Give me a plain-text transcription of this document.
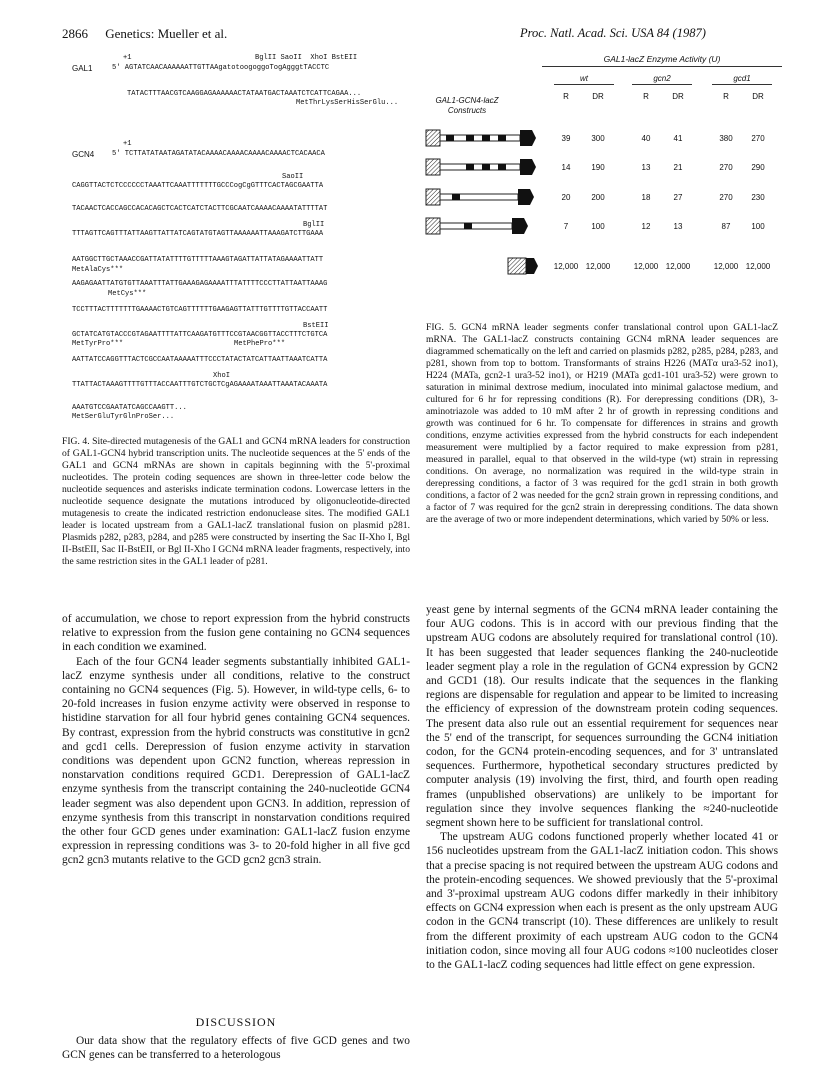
2866 Genetics: Mueller et al.	Proc. Natl. Acad. Sci. USA 84 (1987)
+1	BglII SaoII  XhoI BstEII
GAL1	5' AGTATCAACAAAAAATTGTTAAgatotoogoggoTogAgggtTACCTC
TATACTTTAACGTCAAGGAGAAAAAACTATAATGACTAAATCTCATTCAGAA...
MetThrLysSerHisSerGlu...
+1
GCN4	5' TCTTATATAATAGATATACAAAACAAAACAAAACAAAACTCACAACA
SaoII
CAGGTTACTCTCCCCCCTAAATTCAAATTTTTTTGCCCogCgGTTTCACTAGCGAATTA
TACAACTCACCAGCCACACAGCTCACTCATCTACTTCGCAATCAAAACAAAATATTTTAT
BglII
TTTAGTTCAGTTTATTAAGTTATTATCAGTATGTAGTTAAAAAATTAAAGATCTTGAAA
AATGGCTTGCTAAACCGATTATATTTTGTTTTTAAAGTAGATTATTATAGAAAATTATT
MetAlaCys***
AAGAGAATTATGTGTTAAATTTATTGAAAGAGAAAATTTATTTTCCCTTATTAATTAAAG
MetCys***
TCCTTTACTTTTTTTGAAAACTGTCAGTTTTTTGAAGAGTTATTTGTTTTGTTACCAATT
BstEII
GCTATCATGTACCCGTAGAATTTTATTCAAGATGTTTCCGTAACGGTTACCTTTCTGTCA
MetTyrPro***	MetPhePro***
AATTATCCAGGTTTACTCGCCAATAAAAATTTCCCTATACTATCATTAATTAAATCATTA
XhoI
TTATTACTAAAGTTTTGTTTACCAATTTGTCTGCTCgAGAAAATAAATTAAATACAAATA
AAATGTCCGAATATCAGCCAAGTT...
MetSerGluTyrGlnProSer...
FIG. 4. Site-directed mutagenesis of the GAL1 and GCN4 mRNA leaders for construction of GAL1-GCN4 hybrid transcription units. The nucleotide sequences at the 5' ends of the GAL1 and GCN4 mRNAs are shown in capitals beginning with the 5'-proximal nucleotides. The protein coding sequences are shown in three-letter code below the nucleotide sequences and asterisks indicate termination codons. Lowercase letters in the nucleotide sequence designate the mutations introduced by oligonucleotide-directed mutagenesis to create the indicated restriction endonuclease sites. The modified GAL1 leader is located upstream from a GAL1-lacZ translational fusion on plasmid p281. Plasmids p282, p283, p284, and p285 were constructed by inserting the Sac II-Xho I, Bgl II-BstEII, Sac II-BstEII, or Bgl II-Xho I GCN4 mRNA leader fragments, respectively, into the same restriction sites in the GAL1 leader of p281.

of accumulation, we chose to report expression from the hybrid constructs relative to expression from the fusion gene containing no GCN4 sequences in each condition we examined.

Each of the four GCN4 leader segments substantially inhibited GAL1-lacZ enzyme synthesis under all conditions, relative to the construct containing no GCN4 sequences (Fig. 5). However, in wild-type cells, 6- to 20-fold increases in fusion enzyme activity were observed in response to histidine starvation for all four hybrid genes containing GCN4 sequences. By contrast, expression from the hybrid constructs was constitutive in gcn2 and gcd1 cells. Derepression of fusion enzyme activity in starvation conditions was dependent upon GCN2 function, whereas repression in nonstarvation conditions required GCD1. Derepression of GAL1-lacZ enzyme synthesis from the transcript containing the 240-nucleotide GCN4 leader segment was also dependent upon GCN3. In addition, repression of enzyme synthesis from this transcript in nonstarvation conditions required the other four GCD genes under examination: GAL1-lacZ fusion enzyme expression in repressing conditions was 3- to 20-fold higher in all five gcd gcn2 gcn3 mutants relative to the GCD gcn2 gcn3 strain.

DISCUSSION

Our data show that the regulatory effects of five GCD genes and two GCN genes can be transferred to a heterologous

GAL1-lacZ Enzyme Activity (U)
GAL1-GCN4-lacZ
Constructs
wt	gcn2	gcd1
R	DR	R	DR	R	DR
39	300	40	41	380	270
14	190	13	21	270	290
20	200	18	27	270	230
7	100	12	13	87	100
12,000 12,000	12,000 12,000	12,000 12,000
FIG. 5. GCN4 mRNA leader segments confer translational control upon GAL1-lacZ mRNA. The GAL1-lacZ constructs containing GCN4 mRNA leader sequences are diagrammed schematically on the left and carried on plasmids p282, p285, p284, p283, and p281, shown from top to bottom. Transformants of strains H226 (MATα ura3-52 ino1), H224 (MATa, gcn2-1 ura3-52 ino1), or H219 (MATa gcd1-101 ura3-52) were grown to saturation in minimal dextrose medium, inoculated into minimal galactose medium, and cultured for 6 hr for repressing conditions (R). For derepressing conditions (DR), 3-aminotriazole was added to 10 mM after 2 hr of growth in repressing conditions and growth was continued for 6 hr. To compensate for differences in strains and growth conditions, enzyme activities expressed from the hybrid constructs for each independent measurement were multiplied by a factor required to make expression from p281, measured in parallel, equal to that observed in the wild-type (wt) strain in repressing conditions. On average, no normalization was required in the wild-type strain in derepressing conditions, a factor of 3 was required for the gcd1 strain in both growth conditions, a factor of 2 was needed for the gcn2 strain grown in repressing conditions, and a factor of 7 was required for the gcn2 strain in derepressing conditions. The data shown are the average of two or more independent determinations, which varied by 50% or less.

yeast gene by internal segments of the GCN4 mRNA leader containing the four AUG codons. This is in accord with our previous finding that the upstream AUG codons are absolutely required for translational control (10). It has been suggested that leader sequences flanking the 240-nucleotide leader segment play a role in the regulation of GCN4 expression by GCN2 and GCD1 (18). Our results indicate that the sequences in the flanking regions are dispensable for regulation and appear to be limited to increasing the efficiency of expression of the downstream protein coding sequences. The present data also rule out an essential requirement for sequences near the 5' end of the transcript, for sequences surrounding the GCN4 initiation codon, for the GCN4 protein-encoding sequences, and for 3' untranslated sequences. Furthermore, hypothetical secondary structures predicted by computer analysis (19) involving the first, third, and fourth open reading frames (unpublished observations) are unlikely to be important for regulation since they involve sequences flanking the ≈240-nucleotide segment shown here to be sufficient for translational control.

The upstream AUG codons functioned properly whether located 41 or 156 nucleotides upstream from the GAL1-lacZ initiation codon. This shows that a precise spacing is not required between the upstream AUG codons and the protein-encoding sequences. We showed previously that the 5'-proximal and 3'-proximal upstream AUG codons differ markedly in their inhibitory effects on GCN4 expression when each is present as the only upstream AUG codon in the GCN4 transcript (10). These differences are unlikely to result from the different proximity of each upstream AUG codon to the GCN4 initiation codon, since moving all four AUG codons ≈100 nucleotides closer to the GAL1-lacZ coding sequences had little effect on gene expression.
